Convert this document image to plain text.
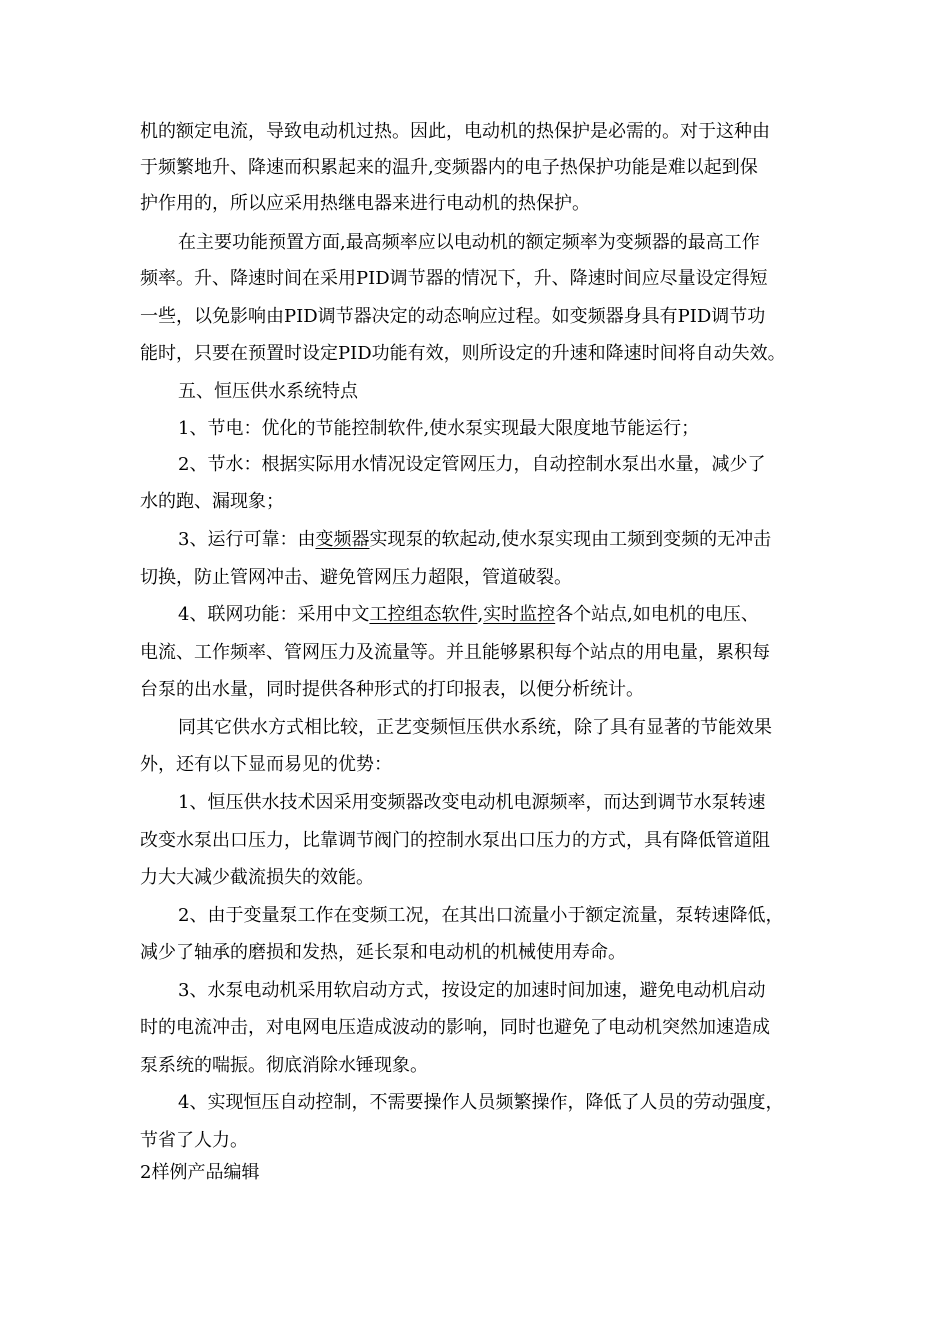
机的额定电流，导致电动机过热。因此，电动机的热保护是必需的。对于这种由
于频繁地升、降速而积累起来的温升,变频器内的电子热保护功能是难以起到保
护作用的，所以应采用热继电器来进行电动机的热保护。
在主要功能预置方面,最高频率应以电动机的额定频率为变频器的最高工作
频率。升、降速时间在采用PID调节器的情况下，升、降速时间应尽量设定得短
一些，以免影响由PID调节器决定的动态响应过程。如变频器身具有PID调节功
能时，只要在预置时设定PID功能有效，则所设定的升速和降速时间将自动失效。
五、恒压供水系统特点
1、节电：优化的节能控制软件,使水泵实现最大限度地节能运行；
2、节水：根据实际用水情况设定管网压力，自动控制水泵出水量，减少了
水的跑、漏现象；
3、运行可靠：由变频器实现泵的软起动,使水泵实现由工频到变频的无冲击
切换，防止管网冲击、避免管网压力超限，管道破裂。
4、联网功能：采用中文工控组态软件,实时监控各个站点,如电机的电压、
电流、工作频率、管网压力及流量等。并且能够累积每个站点的用电量，累积每
台泵的出水量，同时提供各种形式的打印报表，以便分析统计。
同其它供水方式相比较，正艺变频恒压供水系统，除了具有显著的节能效果
外，还有以下显而易见的优势：
1、恒压供水技术因采用变频器改变电动机电源频率，而达到调节水泵转速
改变水泵出口压力，比靠调节阀门的控制水泵出口压力的方式，具有降低管道阻
力大大减少截流损失的效能。
2、由于变量泵工作在变频工况，在其出口流量小于额定流量，泵转速降低，
减少了轴承的磨损和发热，延长泵和电动机的机械使用寿命。
3、水泵电动机采用软启动方式，按设定的加速时间加速，避免电动机启动
时的电流冲击，对电网电压造成波动的影响，同时也避免了电动机突然加速造成
泵系统的喘振。彻底消除水锤现象。
4、实现恒压自动控制，不需要操作人员频繁操作，降低了人员的劳动强度，
节省了人力。
2样例产品编辑
